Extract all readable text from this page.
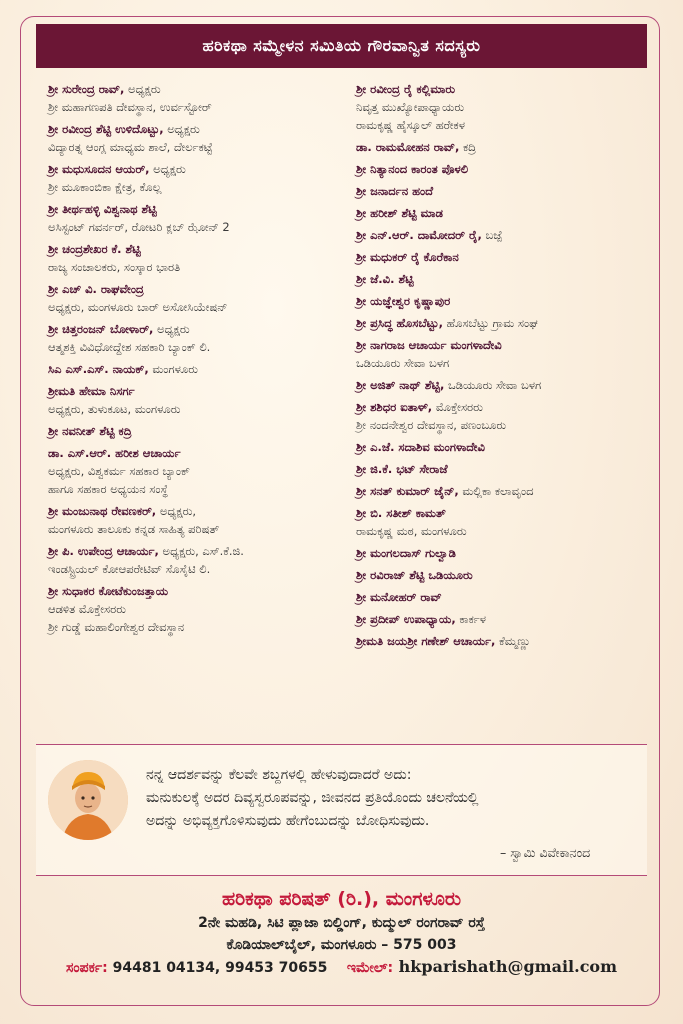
ಹರಿಕಥಾ ಸಮ್ಮೇಳನ ಸಮಿತಿಯ ಗೌರವಾನ್ವಿತ ಸದಸ್ಯರು
ಶ್ರೀ ಸುರೇಂದ್ರ ರಾವ್, ಅಧ್ಯಕ್ಷರು
ಶ್ರೀ ಮಹಾಗಣಪತಿ ದೇವಸ್ಥಾನ, ಉರ್ವಸ್ಟೋರ್
ಶ್ರೀ ರವೀಂದ್ರ ಶೆಟ್ಟಿ ಉಳಿದೊಟ್ಟು, ಅಧ್ಯಕ್ಷರು
ವಿದ್ಯಾರತ್ನ ಆಂಗ್ಲ ಮಾಧ್ಯಮ ಶಾಲೆ, ದೇರ್ಲಕಟ್ಟೆ
ಶ್ರೀ ಮಧುಸೂದನ ಆಯರ್, ಅಧ್ಯಕ್ಷರು
ಶ್ರೀ ಮೂಕಾಂಬಿಕಾ ಕ್ಷೇತ್ರ, ಕೊಲ್ಲ
ಶ್ರೀ ತೀರ್ಥಹಳ್ಳಿ ವಿಶ್ವನಾಥ ಶೆಟ್ಟಿ
ಅಸಿಸ್ಟಂಟ್ ಗವರ್ನರ್, ರೋಟರಿ ಕ್ಲಬ್ ಝೋನ್ 2
ಶ್ರೀ ಚಂದ್ರಶೇಖರ ಕೆ. ಶೆಟ್ಟಿ
ರಾಜ್ಯ ಸಂಚಾಲಕರು, ಸಂಸ್ಕಾರ ಭಾರತಿ
ಶ್ರೀ ಎಚ್ ವಿ. ರಾಘವೇಂದ್ರ
ಅಧ್ಯಕ್ಷರು, ಮಂಗಳೂರು ಬಾರ್ ಅಸೋಸಿಯೇಷನ್
ಶ್ರೀ ಚಿತ್ತರಂಜನ್ ಬೋಳಾರ್, ಅಧ್ಯಕ್ಷರು
ಆತ್ಮಶಕ್ತಿ ವಿವಿಧೋದ್ದೇಶ ಸಹಕಾರಿ ಬ್ಯಾಂಕ್ ಲಿ.
ಸಿಎ ಎಸ್.ಎಸ್. ನಾಯಕ್, ಮಂಗಳೂರು
ಶ್ರೀಮತಿ ಹೇಮಾ ನಿಸರ್ಗ
ಅಧ್ಯಕ್ಷರು, ತುಳುಕೂಟ, ಮಂಗಳೂರು
ಶ್ರೀ ನವನೀತ್ ಶೆಟ್ಟಿ ಕದ್ರಿ
ಡಾ. ಎಸ್.ಆರ್. ಹರೀಶ ಆಚಾರ್ಯ
ಅಧ್ಯಕ್ಷರು, ವಿಶ್ವಕರ್ಮ ಸಹಕಾರ ಬ್ಯಾಂಕ್
ಹಾಗೂ ಸಹಕಾರ ಅಧ್ಯಯನ ಸಂಸ್ಥೆ
ಶ್ರೀ ಮಂಜುನಾಥ ರೇವಣಕರ್, ಅಧ್ಯಕ್ಷರು,
ಮಂಗಳೂರು ತಾಲೂಕು ಕನ್ನಡ ಸಾಹಿತ್ಯ ಪರಿಷತ್
ಶ್ರೀ ಪಿ. ಉಪೇಂದ್ರ ಆಚಾರ್ಯ, ಅಧ್ಯಕ್ಷರು, ಎಸ್.ಕೆ.ಜಿ.
ಇಂಡಸ್ಟ್ರಿಯಲ್ ಕೋಆಪರೇಟಿವ್ ಸೊಸೈಟಿ ಲಿ.
ಶ್ರೀ ಸುಧಾಕರ ಕೋಟೆಕುಂಜತ್ತಾಯ
ಆಡಳಿತ ಮೊಕ್ತೇಸರರು
ಶ್ರೀ ಗುಡ್ಡೆ ಮಹಾಲಿಂಗೇಶ್ವರ ದೇವಸ್ಥಾನ
ಶ್ರೀ ರವೀಂದ್ರ ರೈ ಕಲ್ಲಿಮಾರು
ನಿವೃತ್ತ ಮುಖ್ಯೋಪಾಧ್ಯಾಯರು
ರಾಮಕೃಷ್ಣ ಹೈಸ್ಕೂಲ್ ಹರೇಕಳ
ಡಾ. ರಾಮಮೋಹನ ರಾವ್, ಕದ್ರಿ
ಶ್ರೀ ನಿತ್ಯಾನಂದ ಕಾರಂತ ಪೊಳಲಿ
ಶ್ರೀ ಜನಾರ್ದನ ಹಂದೆ
ಶ್ರೀ ಹರೀಶ್ ಶೆಟ್ಟಿ ಮಾಡ
ಶ್ರೀ ಎನ್.ಆರ್. ದಾಮೋದರ್ ರೈ, ಬಜ್ಪೆ
ಶ್ರೀ ಮಧುಕರ್ ರೈ ಕೊರೆಕಾನ
ಶ್ರೀ ಜೆ.ವಿ. ಶೆಟ್ಟಿ
ಶ್ರೀ ಯಜ್ಞೇಶ್ವರ ಕೃಷ್ಣಾಪುರ
ಶ್ರೀ ಪ್ರಸಿದ್ಧ ಹೊಸಬೆಟ್ಟು, ಹೊಸಬೆಟ್ಟು ಗ್ರಾಮ ಸಂಘ
ಶ್ರೀ ನಾಗರಾಜ ಆಚಾರ್ಯ ಮಂಗಳಾದೇವಿ
ಒಡಿಯೂರು ಸೇವಾ ಬಳಗ
ಶ್ರೀ ಅಜಿತ್ ನಾಥ್ ಶೆಟ್ಟಿ, ಒಡಿಯೂರು ಸೇವಾ ಬಳಗ
ಶ್ರೀ ಶಶಿಧರ ಐತಾಳ್, ಮೊಕ್ತೇಸರರು
ಶ್ರೀ ನಂದನೇಶ್ವರ ದೇವಸ್ಥಾನ, ಪಣಂಬೂರು
ಶ್ರೀ ಎ.ಜೆ. ಸದಾಶಿವ ಮಂಗಳಾದೇವಿ
ಶ್ರೀ ಜಿ.ಕೆ. ಭಟ್ ಸೇರಾಜೆ
ಶ್ರೀ ಸನತ್ ಕುಮಾರ್ ಜೈನ್, ಮಲ್ಲಿಕಾ ಕಲಾವೃಂದ
ಶ್ರೀ ಬಿ. ಸತೀಶ್ ಕಾಮತ್
ರಾಮಕೃಷ್ಣ ಮಠ, ಮಂಗಳೂರು
ಶ್ರೀ ಮಂಗಲದಾಸ್ ಗುಲ್ವಾಡಿ
ಶ್ರೀ ರವಿರಾಜ್ ಶೆಟ್ಟಿ ಒಡಿಯೂರು
ಶ್ರೀ ಮನೋಹರ್ ರಾವ್
ಶ್ರೀ ಪ್ರದೀಪ್ ಉಪಾಧ್ಯಾಯ, ಕಾರ್ಕಳ
ಶ್ರೀಮತಿ ಜಯಶ್ರೀ ಗಣೇಶ್ ಆಚಾರ್ಯ, ಕೆಮ್ಮಣ್ಣು
ನನ್ನ ಆದರ್ಶವನ್ನು ಕೆಲವೇ ಶಬ್ದಗಳಲ್ಲಿ ಹೇಳುವುದಾದರೆ ಅದು:
ಮನುಕುಲಕ್ಕೆ ಅದರ ದಿವ್ಯಸ್ವರೂಪವನ್ನು, ಜೀವನದ ಪ್ರತಿಯೊಂದು ಚಲನೆಯಲ್ಲಿ
ಅದನ್ನು ಅಭಿವ್ಯಕ್ತಗೊಳಿಸುವುದು ಹೇಗೆಂಬುದನ್ನು ಬೋಧಿಸುವುದು.
– ಸ್ವಾಮಿ ವಿವೇಕಾನಂದ
ಹರಿಕಥಾ ಪರಿಷತ್ (ರಿ.), ಮಂಗಳೂರು
2ನೇ ಮಹಡಿ, ಸಿಟಿ ಪ್ಲಾಜಾ ಬಿಲ್ಡಿಂಗ್, ಕುದ್ಮುಲ್ ರಂಗರಾವ್ ರಸ್ತೆ
ಕೊಡಿಯಾಲ್‌ಬೈಲ್, ಮಂಗಳೂರು – 575 003
ಸಂಪರ್ಕ: 94481 04134, 99453 70655 ಇಮೇಲ್: hkparishath@gmail.com
